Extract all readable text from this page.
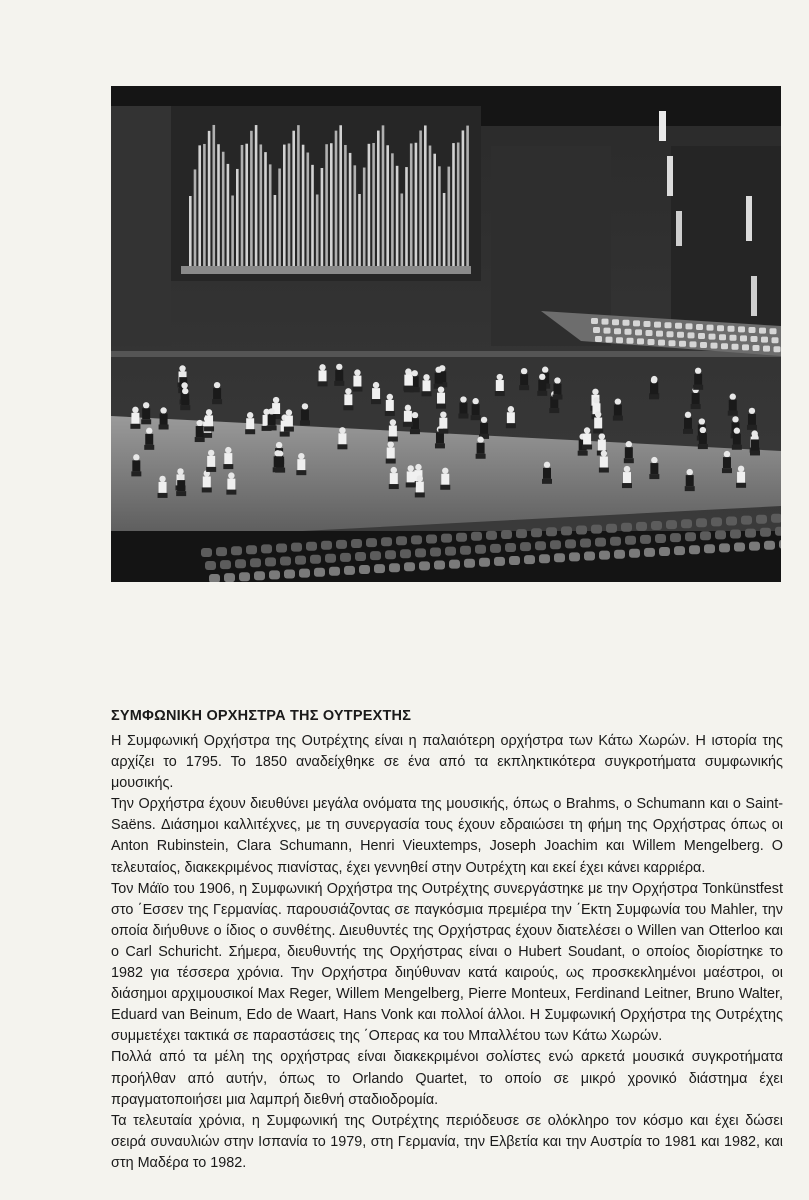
ΣΥΜΦΩΝΙΚΗ ΟΡΧΗΣΤΡΑ ΤΗΣ ΟΥΤΡΕΧΤΗΣ

Η Συμφωνική Ορχήστρα της Ουτρέχτης είναι η παλαιότερη ορχήστρα των Κάτω Χωρών. Η ιστορία της αρχίζει το 1795. Το 1850 αναδείχθηκε σε ένα από τα εκπληκτικότερα συγκροτήματα συμφωνικής μουσικής.

Την Ορχήστρα έχουν διευθύνει μεγάλα ονόματα της μουσικής, όπως ο Brahms, ο Schumann και ο Saint-Saëns. Διάσημοι καλλιτέχνες, με τη συνεργασία τους έχουν εδραιώσει τη φήμη της Ορχήστρας όπως οι Anton Rubinstein, Clara Schumann, Henri Vieuxtemps, Joseph Joachim και Willem Mengelberg. Ο τελευταίος, διακεκριμένος πιανίστας, έχει γεννηθεί στην Ουτρέχτη και εκεί έχει κάνει καρριέρα.

Τον Μάϊο του 1906, η Συμφωνική Ορχήστρα της Ουτρέχτης συνεργάστηκε με την Ορχήστρα Tonkünstfest στο ΄Εσσεν της Γερμανίας. παρουσιάζοντας σε παγκόσμια πρεμιέρα την ΄Εκτη Συμφωνία του Mahler, την οποία διήυθυνε ο ίδιος ο συνθέτης. Διευθυντές της Ορχήστρας έχουν διατελέσει ο Willen van Otterloo και ο Carl Schuricht. Σήμερα, διευθυντής της Ορχήστρας είναι ο Hubert Soudant, ο οποίος διορίστηκε το 1982 για τέσσερα χρόνια. Την Ορχήστρα διηύθυναν κατά καιρούς, ως προσκεκλημένοι μαέστροι, οι διάσημοι αρχιμουσικοί Max Reger, Willem Mengelberg, Pierre Monteux, Ferdinand Leitner, Bruno Walter, Eduard van Beinum, Edo de Waart, Hans Vonk και πολλοί άλλοι. Η Συμφωνική Ορχήστρα της Ουτρέχτης συμμετέχει τακτικά σε παραστάσεις της ΄Οπερας κα του Μπαλλέτου των Κάτω Χωρών.

Πολλά από τα μέλη της ορχήστρας είναι διακεκριμένοι σολίστες ενώ αρκετά μουσικά συγκροτήματα προήλθαν από αυτήν, όπως το Orlando Quartet, το οποίο σε μικρό χρονικό διάστημα έχει πραγματοποιήσει μια λαμπρή διεθνή σταδιοδρομία.

Τα τελευταία χρόνια, η Συμφωνική της Ουτρέχτης περιόδευσε σε ολόκληρο τον κόσμο και έχει δώσει σειρά συναυλιών στην Ισπανία το 1979, στη Γερμανία, την Ελβετία και την Αυστρία το 1981 και 1982, και στη Μαδέρα το 1982.
